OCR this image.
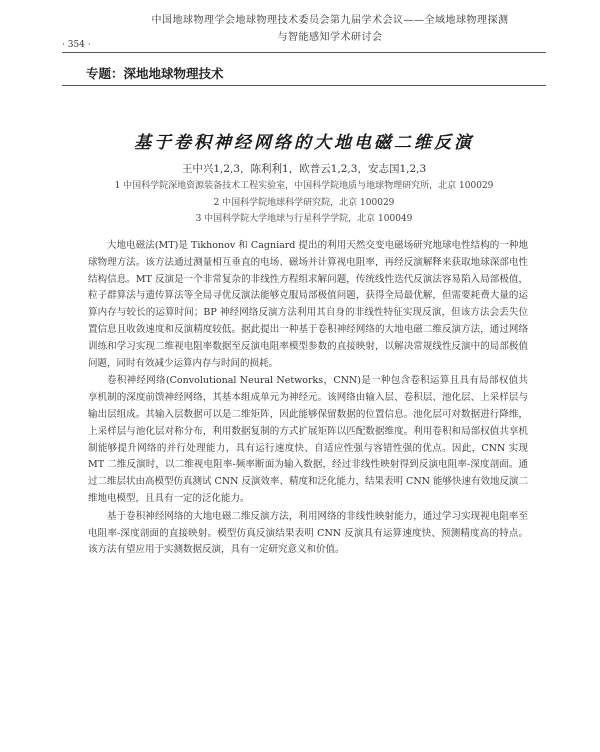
· 354 ·
中国地球物理学会地球物理技术委员会第九届学术会议——全域地球物理探测
与智能感知学术研讨会
专题：深地地球物理技术
基于卷积神经网络的大地电磁二维反演
王中兴1,2,3，陈利利1，欧普云1,2,3，安志国1,2,3
1 中国科学院深地资源装备技术工程实验室，中国科学院地质与地球物理研究所，北京 100029
2 中国科学院地球科学研究院，北京 100029
3 中国科学院大学地球与行星科学学院，北京 100049

大地电磁法(MT)是 Tikhonov 和 Cagniard 提出的利用天然交变电磁场研究地球电性结构的一种地球物理方法。该方法通过测量相互垂直的电场、磁场并计算视电阻率，再经反演解释来获取地球深部电性结构信息。MT 反演是一个非常复杂的非线性方程组求解问题，传统线性迭代反演法容易陷入局部极值，粒子群算法与遗传算法等全局寻优反演法能够克服局部极值问题，获得全局最优解，但需要耗费大量的运算内存与较长的运算时间；BP 神经网络反演方法利用其自身的非线性特征实现反演，但该方法会丢失位置信息且收敛速度和反演精度较低。据此提出一种基于卷积神经网络的大地电磁二维反演方法，通过网络训练和学习实现二维视电阻率数据至反演电阻率模型参数的直接映射，以解决常规线性反演中的局部极值问题，同时有效减少运算内存与时间的损耗。

卷积神经网络(Convolutional Neural Networks，CNN)是一种包含卷积运算且具有局部权值共享机制的深度前馈神经网络，其基本组成单元为神经元。该网络由输入层、卷积层、池化层、上采样层与输出层组成。其输入层数据可以是二维矩阵，因此能够保留数据的位置信息。池化层可对数据进行降维，上采样层与池化层对称分布，利用数据复制的方式扩展矩阵以匹配数据维度。利用卷积和局部权值共享机制能够提升网络的并行处理能力，具有运行速度快、自适应性强与容错性强的优点。因此，CNN 实现 MT 二维反演时，以二维视电阻率-频率断面为输入数据，经过非线性映射得到反演电阻率-深度剖面。通过二维层状由高模型仿真测试 CNN 反演效率、精度和泛化能力，结果表明 CNN 能够快速有效地反演二维地电模型，且具有一定的泛化能力。

基于卷积神经网络的大地电磁二维反演方法，利用网络的非线性映射能力，通过学习实现视电阻率至电阻率-深度剖面的直接映射。模型仿真反演结果表明 CNN 反演具有运算速度快、预测精度高的特点。该方法有望应用于实测数据反演，具有一定研究意义和价值。
